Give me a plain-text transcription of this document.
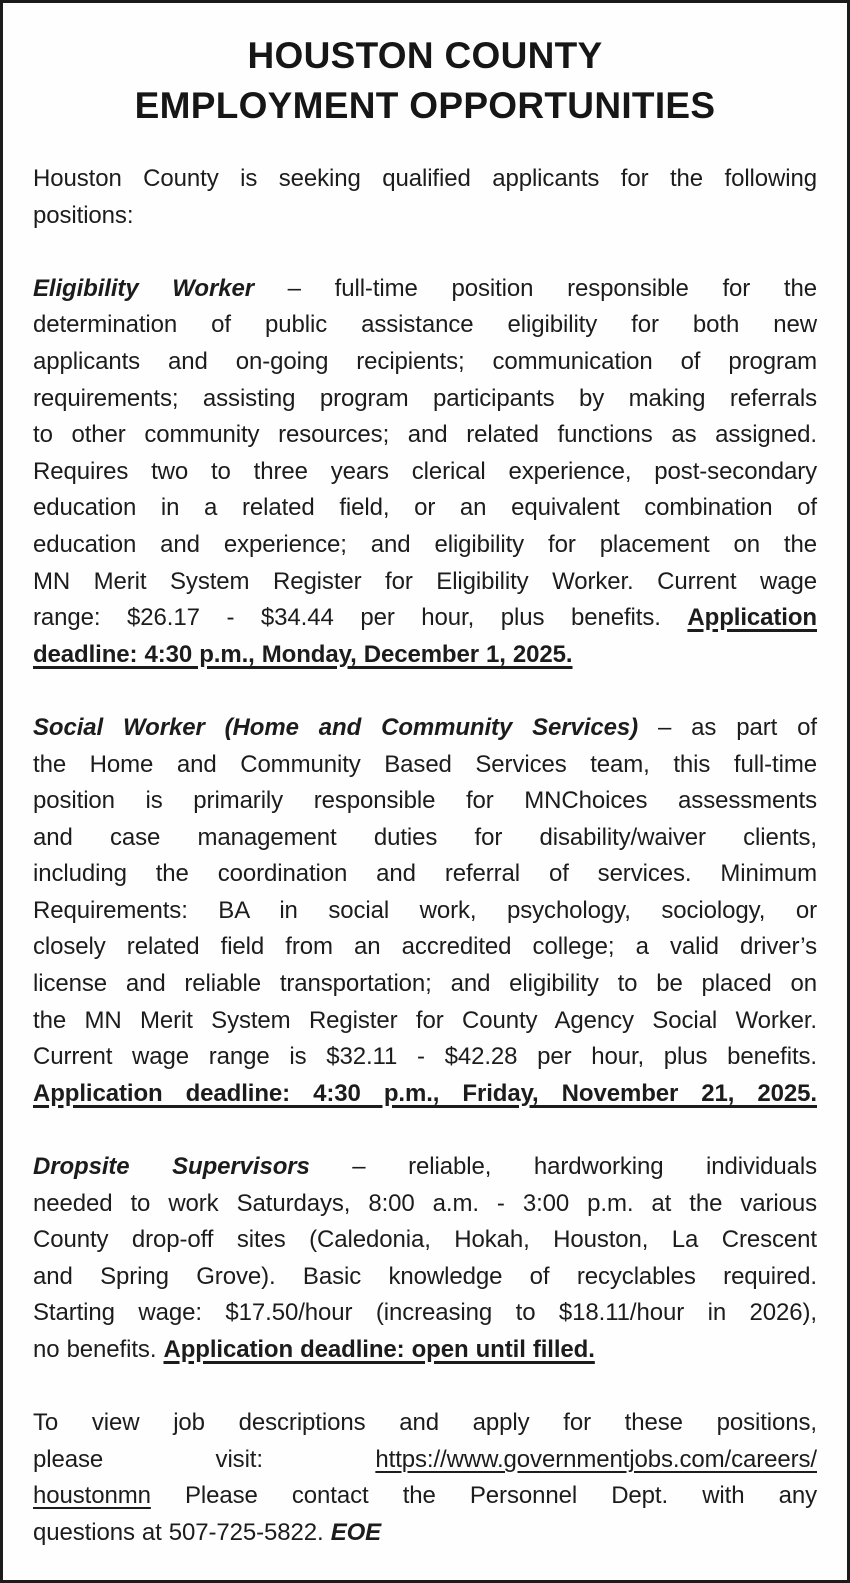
HOUSTON COUNTY
EMPLOYMENT OPPORTUNITIES

Houston County is seeking qualified applicants for the following
positions:

Eligibility Worker – full-time position responsible for the
determination of public assistance eligibility for both new
applicants and on-going recipients; communication of program
requirements; assisting program participants by making referrals
to other community resources; and related functions as assigned.
Requires two to three years clerical experience, post-secondary
education in a related field, or an equivalent combination of
education and experience; and eligibility for placement on the
MN Merit System Register for Eligibility Worker. Current wage
range: $26.17 - $34.44 per hour, plus benefits. Application
deadline: 4:30 p.m., Monday, December 1, 2025.

Social Worker (Home and Community Services) – as part of
the Home and Community Based Services team, this full-time
position is primarily responsible for MNChoices assessments
and case management duties for disability/waiver clients,
including the coordination and referral of services. Minimum
Requirements: BA in social work, psychology, sociology, or
closely related field from an accredited college; a valid driver’s
license and reliable transportation; and eligibility to be placed on
the MN Merit System Register for County Agency Social Worker.
Current wage range is $32.11 - $42.28 per hour, plus benefits.
Application deadline: 4:30 p.m., Friday, November 21, 2025.

Dropsite Supervisors – reliable, hardworking individuals
needed to work Saturdays, 8:00 a.m. - 3:00 p.m. at the various
County drop-off sites (Caledonia, Hokah, Houston, La Crescent
and Spring Grove). Basic knowledge of recyclables required.
Starting wage: $17.50/hour (increasing to $18.11/hour in 2026),
no benefits. Application deadline: open until filled.

To view job descriptions and apply for these positions,
please visit: https://www.governmentjobs.com/careers/
houstonmn Please contact the Personnel Dept. with any
questions at 507-725-5822. EOE
